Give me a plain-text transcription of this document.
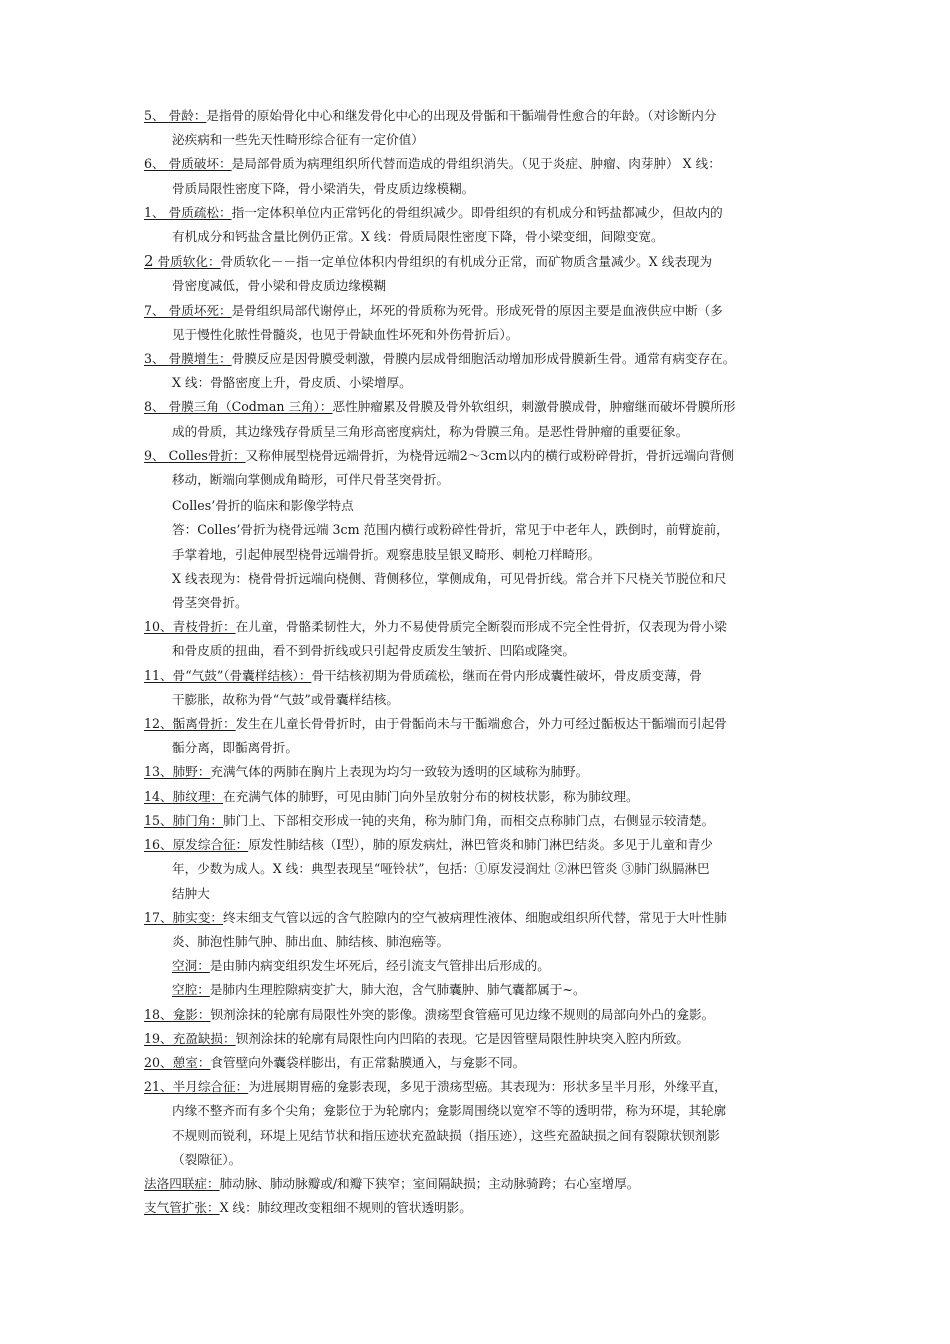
5、 骨龄：是指骨的原始骨化中心和继发骨化中心的出现及骨骺和干骺端骨性愈合的年龄。（对诊断内分
泌疾病和一些先天性畸形综合征有一定价值）

6、 骨质破坏：是局部骨质为病理组织所代替而造成的骨组织消失。（见于炎症、肿瘤、肉芽肿） X 线：
骨质局限性密度下降，骨小梁消失，骨皮质边缘模糊。

1、 骨质疏松：指一定体积单位内正常钙化的骨组织减少。即骨组织的有机成分和钙盐都减少，但故内的
有机成分和钙盐含量比例仍正常。X 线：骨质局限性密度下降，骨小梁变细，间隙变宽。

2 骨质软化：骨质软化－－指一定单位体积内骨组织的有机成分正常，而矿物质含量减少。X 线表现为
骨密度减低，骨小梁和骨皮质边缘模糊

7、 骨质坏死：是骨组织局部代谢停止，坏死的骨质称为死骨。形成死骨的原因主要是血液供应中断（多
见于慢性化脓性骨髓炎，也见于骨缺血性坏死和外伤骨折后）。

3、 骨膜增生：骨膜反应是因骨膜受刺激，骨膜内层成骨细胞活动增加形成骨膜新生骨。通常有病变存在。
X 线：骨骼密度上升，骨皮质、小梁增厚。

8、 骨膜三角（Codman 三角）：恶性肿瘤累及骨膜及骨外软组织，刺激骨膜成骨，肿瘤继而破坏骨膜所形
成的骨质，其边缘残存骨质呈三角形高密度病灶，称为骨膜三角。是恶性骨肿瘤的重要征象。

9、 Colles骨折：又称伸展型桡骨远端骨折，为桡骨远端2～3cm以内的横行或粉碎骨折，骨折远端向背侧
移动，断端向掌侧成角畸形，可伴尺骨茎突骨折。

Colles’骨折的临床和影像学特点
答：Colles’骨折为桡骨远端 3cm 范围内横行或粉碎性骨折，常见于中老年人，跌倒时，前臂旋前，
手掌着地，引起伸展型桡骨远端骨折。观察患肢呈银叉畸形、刺枪刀样畸形。
X 线表现为：桡骨骨折远端向桡侧、背侧移位，掌侧成角，可见骨折线。常合并下尺桡关节脱位和尺
骨茎突骨折。

10、青枝骨折：在儿童，骨骼柔韧性大，外力不易使骨质完全断裂而形成不完全性骨折，仅表现为骨小梁
和骨皮质的扭曲，看不到骨折线或只引起骨皮质发生皱折、凹陷或隆突。

11、骨“气鼓”（骨囊样结核）：骨干结核初期为骨质疏松，继而在骨内形成囊性破坏，骨皮质变薄，骨
干膨胀，故称为骨“气鼓”或骨囊样结核。

12、骺离骨折：发生在儿童长骨骨折时，由于骨骺尚未与干骺端愈合，外力可经过骺板达干骺端而引起骨
骺分离，即骺离骨折。

13、肺野：充满气体的两肺在胸片上表现为均匀一致较为透明的区域称为肺野。

14、肺纹理：在充满气体的肺野，可见由肺门向外呈放射分布的树枝状影，称为肺纹理。

15、肺门角：肺门上、下部相交形成一钝的夹角，称为肺门角，而相交点称肺门点，右侧显示较清楚。

16、原发综合征：原发性肺结核（Ⅰ型），肺的原发病灶，淋巴管炎和肺门淋巴结炎。多见于儿童和青少
年，少数为成人。X 线：典型表现呈“哑铃状”，包括：①原发浸润灶 ②淋巴管炎 ③肺门纵膈淋巴
结肿大

17、肺实变：终末细支气管以远的含气腔隙内的空气被病理性液体、细胞或组织所代替，常见于大叶性肺
炎、肺泡性肺气肿、肺出血、肺结核、肺泡癌等。

空洞：是由肺内病变组织发生坏死后，经引流支气管排出后形成的。

空腔：是肺内生理腔隙病变扩大，肺大泡，含气肺囊肿、肺气囊都属于~。

18、龛影：钡剂涂抹的轮廓有局限性外突的影像。溃疡型食管癌可见边缘不规则的局部向外凸的龛影。

19、充盈缺损：钡剂涂抹的轮廓有局限性向内凹陷的表现。它是因管壁局限性肿块突入腔内所致。

20、憩室：食管壁向外囊袋样膨出，有正常黏膜通入，与龛影不同。

21、半月综合征：为进展期胃癌的龛影表现，多见于溃疡型癌。其表现为：形状多呈半月形，外缘平直，
内缘不整齐而有多个尖角；龛影位于为轮廓内；龛影周围绕以宽窄不等的透明带，称为环堤，其轮廓
不规则而锐利，环堤上见结节状和指压迹状充盈缺损（指压迹），这些充盈缺损之间有裂隙状钡剂影
（裂隙征）。

法洛四联症：肺动脉、肺动脉瓣或/和瓣下狭窄；室间隔缺损；主动脉骑跨；右心室增厚。

支气管扩张：X 线：肺纹理改变粗细不规则的管状透明影。
